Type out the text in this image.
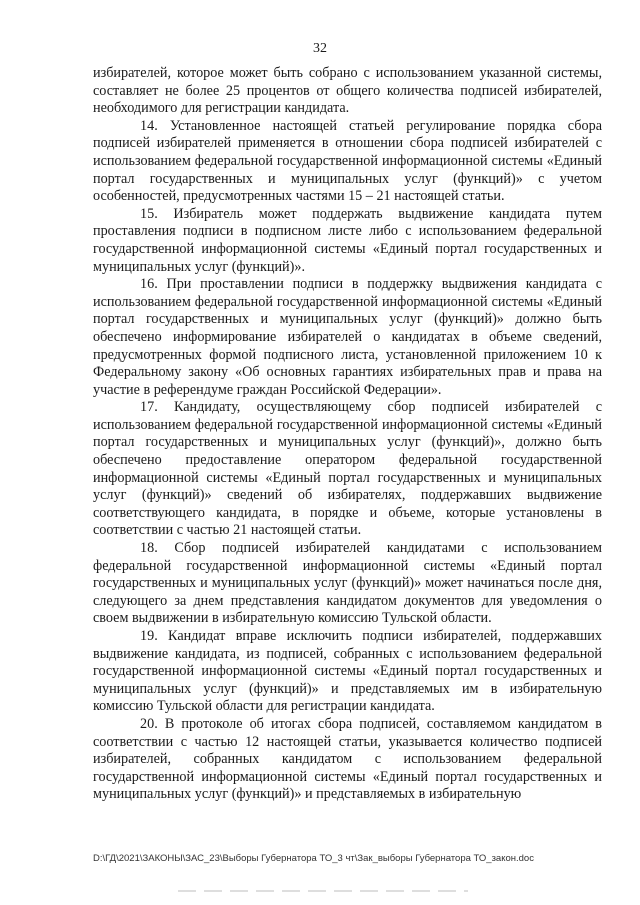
32

избирателей, которое может быть собрано с использованием указанной системы, составляет не более 25 процентов от общего количества подписей избирателей, необходимого для регистрации кандидата.

14. Установленное настоящей статьей регулирование порядка сбора подписей избирателей применяется в отношении сбора подписей избирателей с использованием федеральной государственной информационной системы «Единый портал государственных и муниципальных услуг (функций)» с учетом особенностей, предусмотренных частями 15 – 21 настоящей статьи.

15. Избиратель может поддержать выдвижение кандидата путем проставления подписи в подписном листе либо с использованием федеральной государственной информационной системы «Единый портал государственных и муниципальных услуг (функций)».

16. При проставлении подписи в поддержку выдвижения кандидата с использованием федеральной государственной информационной системы «Единый портал государственных и муниципальных услуг (функций)» должно быть обеспечено информирование избирателей о кандидатах в объеме сведений, предусмотренных формой подписного листа, установленной приложением 10 к Федеральному закону «Об основных гарантиях избирательных прав и права на участие в референдуме граждан Российской Федерации».

17. Кандидату, осуществляющему сбор подписей избирателей с использованием федеральной государственной информационной системы «Единый портал государственных и муниципальных услуг (функций)», должно быть обеспечено предоставление оператором федеральной государственной информационной системы «Единый портал государственных и муниципальных услуг (функций)» сведений об избирателях, поддержавших выдвижение соответствующего кандидата, в порядке и объеме, которые установлены в соответствии с частью 21 настоящей статьи.

18. Сбор подписей избирателей кандидатами с использованием федеральной государственной информационной системы «Единый портал государственных и муниципальных услуг (функций)» может начинаться после дня, следующего за днем представления кандидатом документов для уведомления о своем выдвижении в избирательную комиссию Тульской области.

19. Кандидат вправе исключить подписи избирателей, поддержавших выдвижение кандидата, из подписей, собранных с использованием федеральной государственной информационной системы «Единый портал государственных и муниципальных услуг (функций)» и представляемых им в избирательную комиссию Тульской области для регистрации кандидата.

20. В протоколе об итогах сбора подписей, составляемом кандидатом в соответствии с частью 12 настоящей статьи, указывается количество подписей избирателей, собранных кандидатом с использованием федеральной государственной информационной системы «Единый портал государственных и муниципальных услуг (функций)» и представляемых в избирательную

D:\ГД\2021\ЗАКОНЫ\ЗАС_23\Выборы Губернатора ТО_3 чт\Зак_выборы Губернатора ТО_закон.doc
